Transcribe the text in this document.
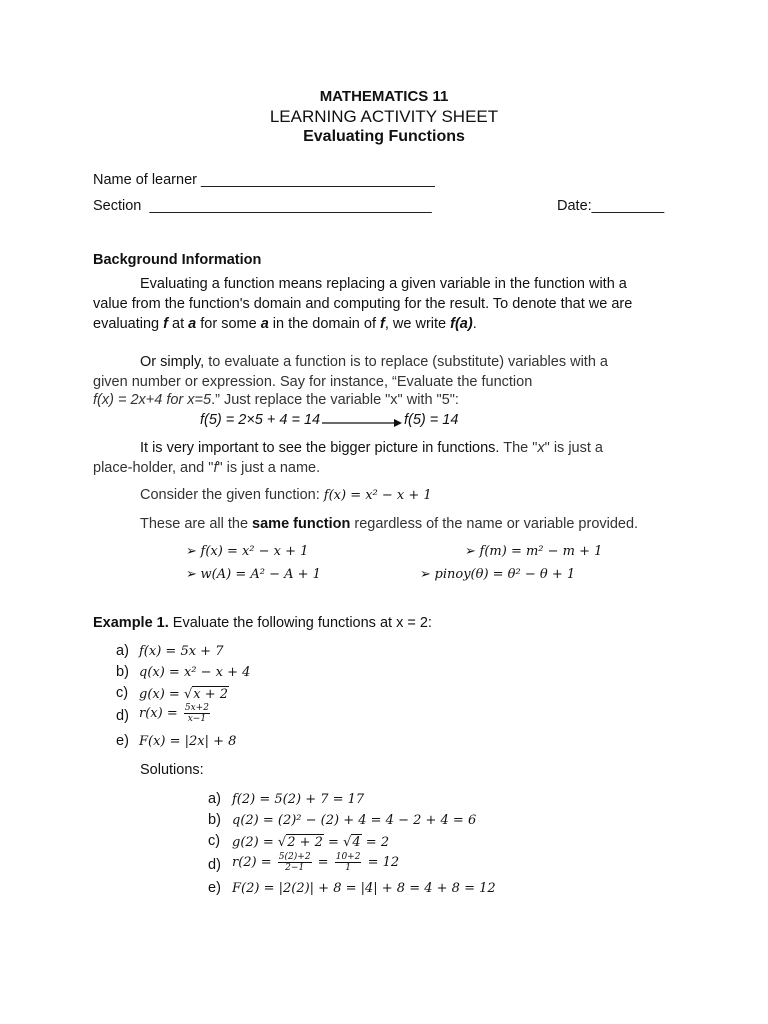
MATHEMATICS 11
LEARNING ACTIVITY SHEET
Evaluating Functions
Name of learner _____________________________
Section ___________________________________	Date:_________
Background Information
Evaluating a function means replacing a given variable in the function with a
value from the function's domain and computing for the result. To denote that we are
evaluating f at a for some a in the domain of f, we write f(a).
Or simply, to evaluate a function is to replace (substitute) variables with a
given number or expression. Say for instance, “Evaluate the function
f(x) = 2x+4 for x=5.” Just replace the variable "x" with "5":
f(5) = 2×5 + 4 = 14	f(5) = 14
It is very important to see the bigger picture in functions. The "x" is just a
place-holder, and "f" is just a name.
Consider the given function: f(x) = x² − x + 1
These are all the same function regardless of the name or variable provided.
➢ f(x) = x² − x + 1	➢ f(m) = m² − m + 1
➢ w(A) = A² − A + 1	➢ pinoy(θ) = θ² − θ + 1
Example 1. Evaluate the following functions at x = 2:
a) f(x) = 5x + 7
b) q(x) = x² − x + 4
c) g(x) = √x + 2
d) $r(x) = \frac{5x+2}{x-1}$
e) F(x) = |2x| + 8
Solutions:
a) f(2) = 5(2) + 7 = 17
b) q(2) = (2)² − (2) + 4 = 4 − 2 + 4 = 6
c) g(2) = √2 + 2 = √4 = 2
d) $r(2) = \frac{5(2)+2}{2-1} = \frac{10+2}{1} = 12$
e) F(2) = |2(2)| + 8 = |4| + 8 = 4 + 8 = 12
